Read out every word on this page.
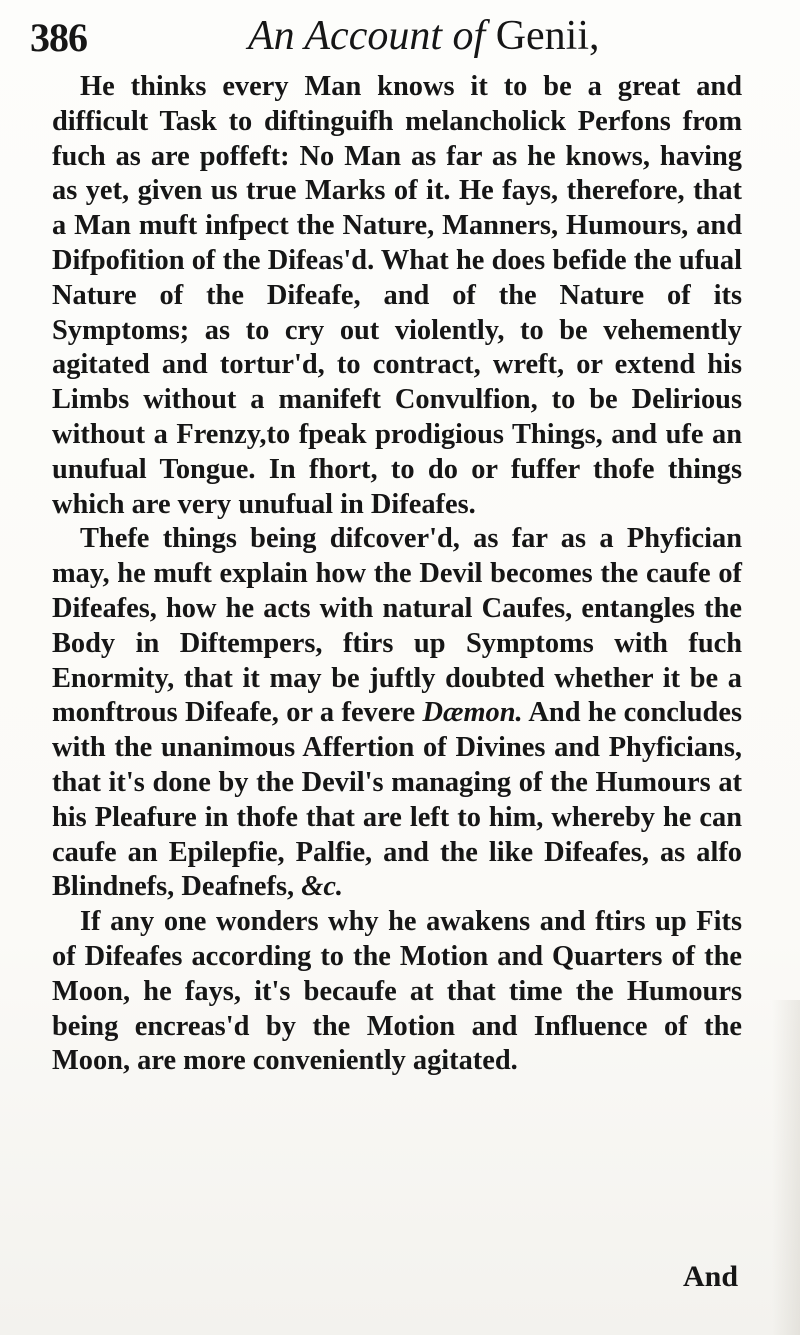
386	An Account of Genii,

He thinks every Man knows it to be a great and difficult Task to diftinguifh melancholick Perfons from fuch as are poffeft: No Man as far as he knows, having as yet, given us true Marks of it. He fays, therefore, that a Man muft infpect the Nature, Manners, Humours, and Difpofition of the Difeas'd. What he does befide the ufual Nature of the Difeafe, and of the Nature of its Symptoms; as to cry out violently, to be vehemently agitated and tortur'd, to contract, wreft, or extend his Limbs without a manifeft Convulfion, to be Delirious without a Frenzy,to fpeak prodigious Things, and ufe an unufual Tongue. In fhort, to do or fuffer thofe things which are very unufual in Difeafes.

Thefe things being difcover'd, as far as a Phyfician may, he muft explain how the Devil becomes the caufe of Difeafes, how he acts with natural Caufes, entangles the Body in Diftempers, ftirs up Symptoms with fuch Enormity, that it may be juftly doubted whether it be a monftrous Difeafe, or a fevere Dæmon. And he concludes with the unanimous Affertion of Divines and Phyficians, that it's done by the Devil's managing of the Humours at his Pleafure in thofe that are left to him, whereby he can caufe an Epilepfie, Palfie, and the like Difeafes, as alfo Blindnefs, Deafnefs, &c.

If any one wonders why he awakens and ftirs up Fits of Difeafes according to the Motion and Quarters of the Moon, he fays, it's becaufe at that time the Humours being encreas'd by the Motion and Influence of the Moon, are more conveniently agitated.

And
